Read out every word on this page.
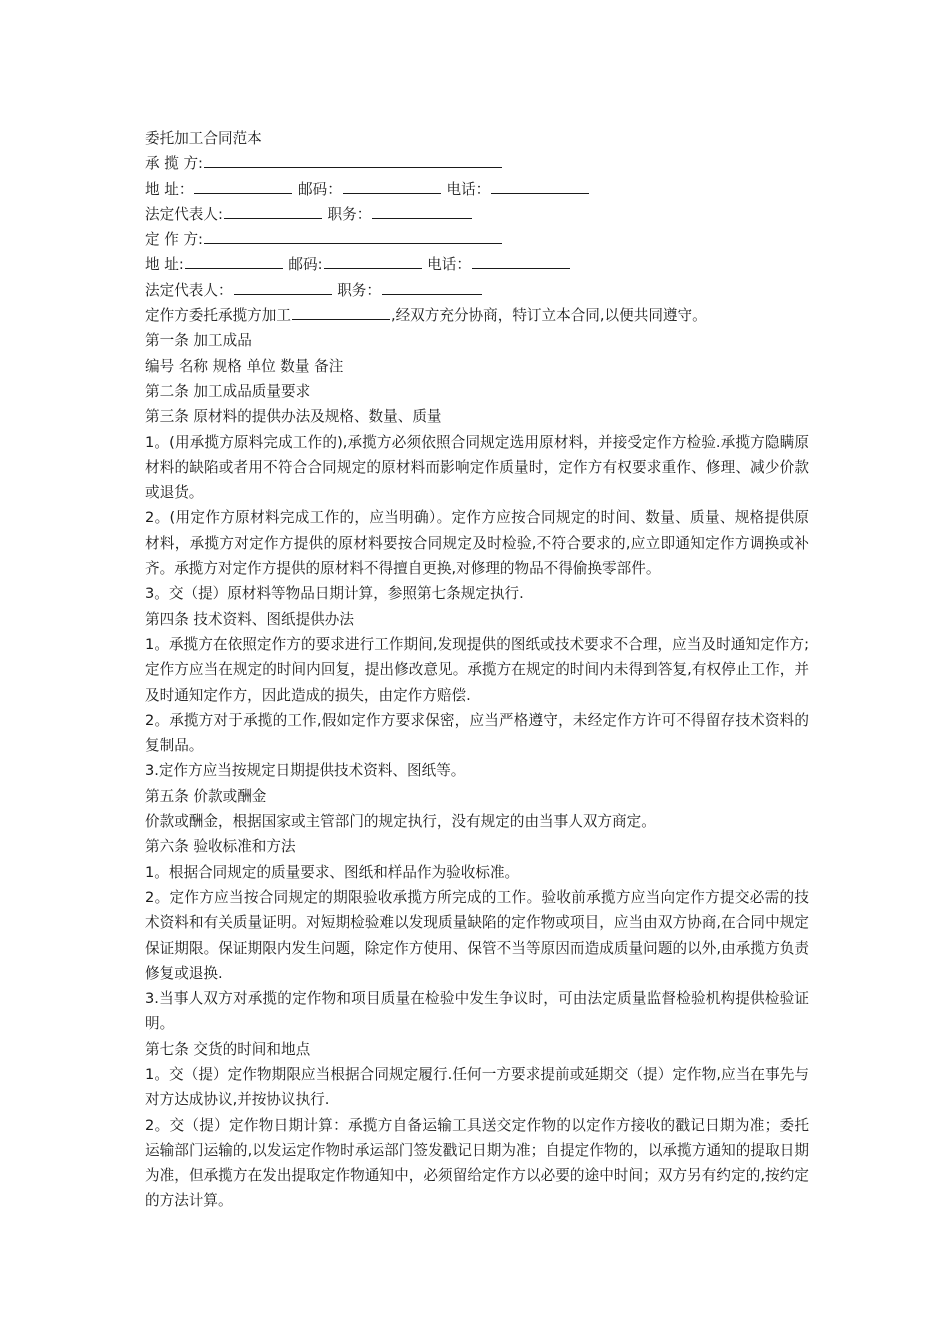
委托加工合同范本
承 揽 方:
地 址：	邮码：	电话：
法定代表人:	职务：
定 作 方:
地 址:	邮码:	电话：
法定代表人：	职务：
定作方委托承揽方加工	,经双方充分协商，特订立本合同,以便共同遵守。
第一条 加工成品
编号 名称 规格 单位 数量 备注
第二条 加工成品质量要求
第三条 原材料的提供办法及规格、数量、质量
1。(用承揽方原料完成工作的),承揽方必须依照合同规定选用原材料，并接受定作方检验.承揽方隐瞒原材料的缺陷或者用不符合合同规定的原材料而影响定作质量时，定作方有权要求重作、修理、减少价款或退货。
2。(用定作方原材料完成工作的，应当明确）。定作方应按合同规定的时间、数量、质量、规格提供原材料，承揽方对定作方提供的原材料要按合同规定及时检验,不符合要求的,应立即通知定作方调换或补齐。承揽方对定作方提供的原材料不得擅自更换,对修理的物品不得偷换零部件。
3。交（提）原材料等物品日期计算，参照第七条规定执行.
第四条 技术资料、图纸提供办法
1。承揽方在依照定作方的要求进行工作期间,发现提供的图纸或技术要求不合理，应当及时通知定作方;定作方应当在规定的时间内回复，提出修改意见。承揽方在规定的时间内未得到答复,有权停止工作，并及时通知定作方，因此造成的损失，由定作方赔偿.
2。承揽方对于承揽的工作,假如定作方要求保密，应当严格遵守，未经定作方许可不得留存技术资料的复制品。
3.定作方应当按规定日期提供技术资料、图纸等。
第五条 价款或酬金
价款或酬金，根据国家或主管部门的规定执行，没有规定的由当事人双方商定。
第六条 验收标准和方法
1。根据合同规定的质量要求、图纸和样品作为验收标准。
2。定作方应当按合同规定的期限验收承揽方所完成的工作。验收前承揽方应当向定作方提交必需的技术资料和有关质量证明。对短期检验难以发现质量缺陷的定作物或项目，应当由双方协商,在合同中规定保证期限。保证期限内发生问题，除定作方使用、保管不当等原因而造成质量问题的以外,由承揽方负责修复或退换.
3.当事人双方对承揽的定作物和项目质量在检验中发生争议时，可由法定质量监督检验机构提供检验证明。
第七条 交货的时间和地点
1。交（提）定作物期限应当根据合同规定履行.任何一方要求提前或延期交（提）定作物,应当在事先与对方达成协议,并按协议执行.
2。交（提）定作物日期计算：承揽方自备运输工具送交定作物的以定作方接收的戳记日期为准；委托运输部门运输的,以发运定作物时承运部门签发戳记日期为准；自提定作物的，以承揽方通知的提取日期为准，但承揽方在发出提取定作物通知中，必须留给定作方以必要的途中时间；双方另有约定的,按约定的方法计算。
